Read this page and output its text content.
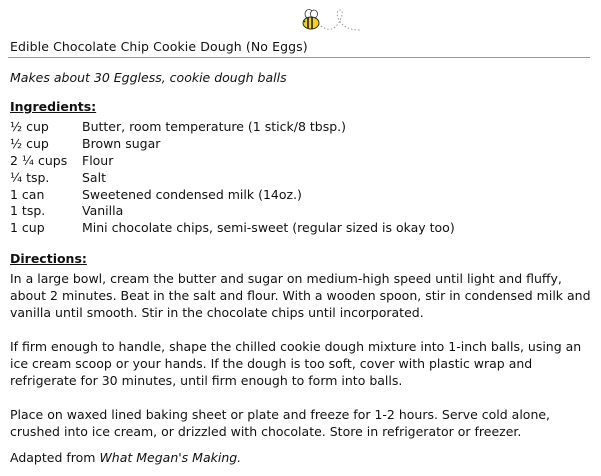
Edible Chocolate Chip Cookie Dough (No Eggs)
Makes about 30 Eggless, cookie dough balls
Ingredients:
½ cup	Butter, room temperature (1 stick/8 tbsp.)
½ cup	Brown sugar
2 ¼ cups Flour
¼ tsp.	Salt
1 can	Sweetened condensed milk (14oz.)
1 tsp.	Vanilla
1 cup	Mini chocolate chips, semi-sweet (regular sized is okay too)
Directions:

In a large bowl, cream the butter and sugar on medium-high speed until light and fluffy, about 2 minutes. Beat in the salt and flour. With a wooden spoon, stir in condensed milk and vanilla until smooth. Stir in the chocolate chips until incorporated.

If firm enough to handle, shape the chilled cookie dough mixture into 1-inch balls, using an ice cream scoop or your hands. If the dough is too soft, cover with plastic wrap and refrigerate for 30 minutes, until firm enough to form into balls.

Place on waxed lined baking sheet or plate and freeze for 1-2 hours. Serve cold alone, crushed into ice cream, or drizzled with chocolate. Store in refrigerator or freezer.

Adapted from What Megan's Making.
